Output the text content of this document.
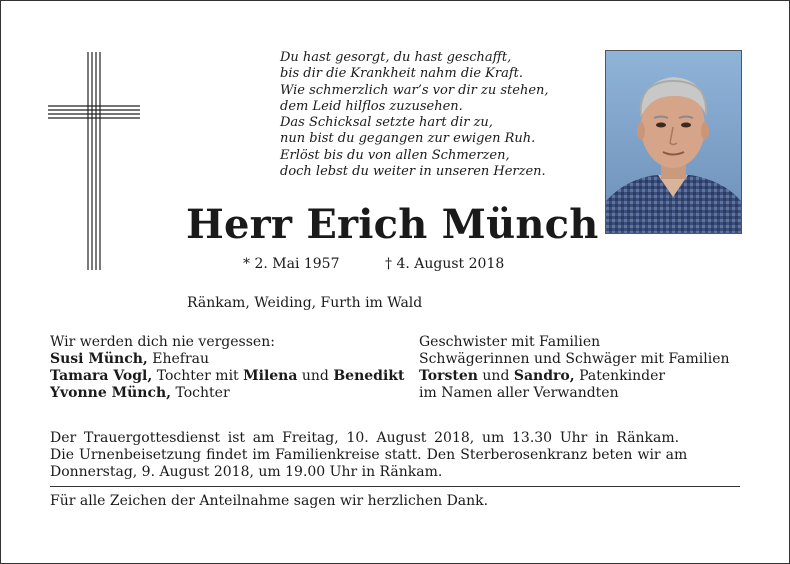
Du hast gesorgt, du hast geschafft,
bis dir die Krankheit nahm die Kraft.
Wie schmerzlich war’s vor dir zu stehen,
dem Leid hilflos zuzusehen.
Das Schicksal setzte hart dir zu,
nun bist du gegangen zur ewigen Ruh.
Erlöst bis du von allen Schmerzen,
doch lebst du weiter in unseren Herzen.
Herr Erich Münch
* 2. Mai 1957	† 4. August 2018
Ränkam, Weiding, Furth im Wald
Wir werden dich nie vergessen:
Susi Münch, Ehefrau
Tamara Vogl, Tochter mit Milena und Benedikt
Yvonne Münch, Tochter
Geschwister mit Familien
Schwägerinnen und Schwäger mit Familien
Torsten und Sandro, Patenkinder
im Namen aller Verwandten
Der Trauergottesdienst ist am Freitag, 10. August 2018, um 13.30 Uhr in Ränkam.
Die Urnenbeisetzung findet im Familienkreise statt. Den Sterberosenkranz beten wir am
Donnerstag, 9. August 2018, um 19.00 Uhr in Ränkam.
Für alle Zeichen der Anteilnahme sagen wir herzlichen Dank.
